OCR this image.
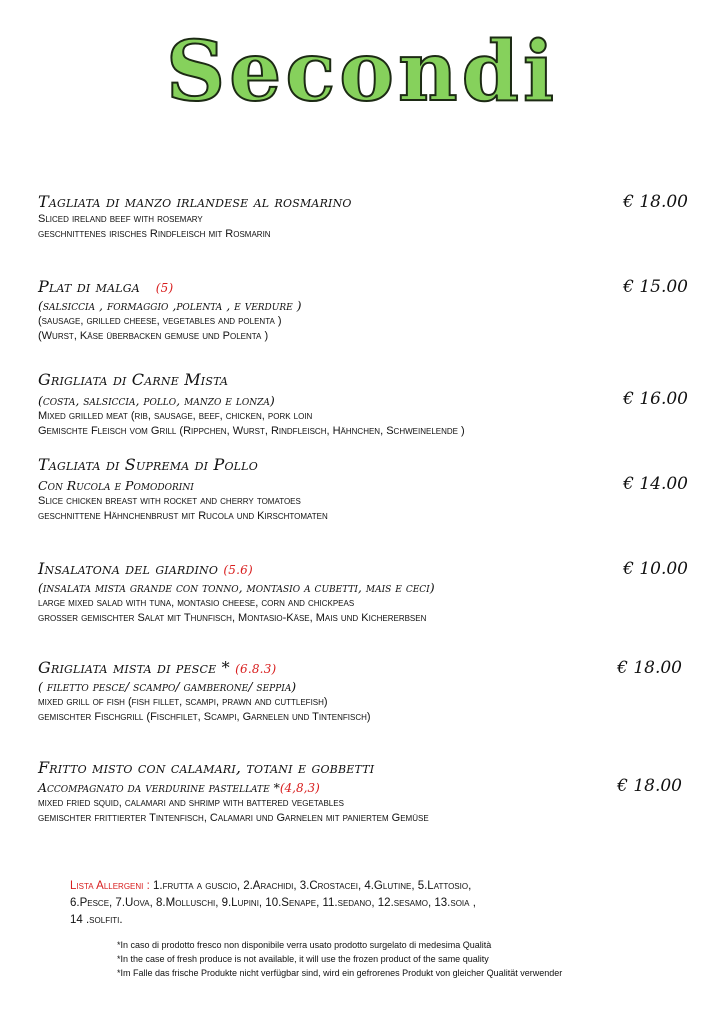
Secondi
Tagliata di manzo irlandese al rosmarino	€ 18.00
Sliced ireland beef with rosemary
geschnittenes irisches Rindfleisch mit Rosmarin
Plat di malga (5)	€ 15.00
(salsiccia , formaggio ,polenta , e verdure )
(sausage, grilled cheese, vegetables and polenta )
(Wurst, Käse überbacken gemuse und Polenta )
Grigliata di Carne Mista
€ 16.00
(costa, salsiccia, pollo, manzo e lonza)
Mixed grilled meat (rib, sausage, beef, chicken, pork loin
Gemischte Fleisch vom Grill (Rippchen, Wurst, Rindfleisch, Hähnchen, Schweinelende )
Tagliata di Suprema di Pollo
€ 14.00
Con Rucola e Pomodorini
Slice chicken breast with rocket and cherry tomatoes
geschnittene Hähnchenbrust mit Rucola und Kirschtomaten
Insalatona del giardino (5.6)	€ 10.00
(insalata mista grande con tonno, montasio a cubetti, mais e ceci)
large mixed salad with tuna, montasio cheese, corn and chickpeas
grosser gemischter Salat mit Thunfisch, Montasio-Käse, Mais und Kichererbsen
Grigliata mista di pesce * (6.8.3)	€ 18.00
( filetto pesce/ scampo/ gamberone/ seppia)
mixed grill of fish (fish fillet, scampi, prawn and cuttlefish)
gemischter Fischgrill (Fischfilet, Scampi, Garnelen und Tintenfisch)
Fritto misto con calamari, totani e gobbetti
€ 18.00
Accompagnato da verdurine pastellate *(4,8,3)
mixed fried squid, calamari and shrimp with battered vegetables
gemischter frittierter Tintenfisch, Calamari und Garnelen mit paniertem Gemüse
Lista Allergeni : 1.frutta a guscio, 2.Arachidi, 3.Crostacei, 4.Glutine, 5.Lattosio,
6.Pesce, 7.Uova, 8.Molluschi, 9.Lupini, 10.Senape, 11.sedano, 12.sesamo, 13.soia ,
14 .solfiti.
*In caso di prodotto fresco non disponibile verra usato prodotto surgelato di medesima Qualità
*In the case of fresh produce is not available, it will use the frozen product of the same quality
*Im Falle das frische Produkte nicht verfügbar sind, wird ein gefrorenes Produkt von gleicher Qualität verwender
